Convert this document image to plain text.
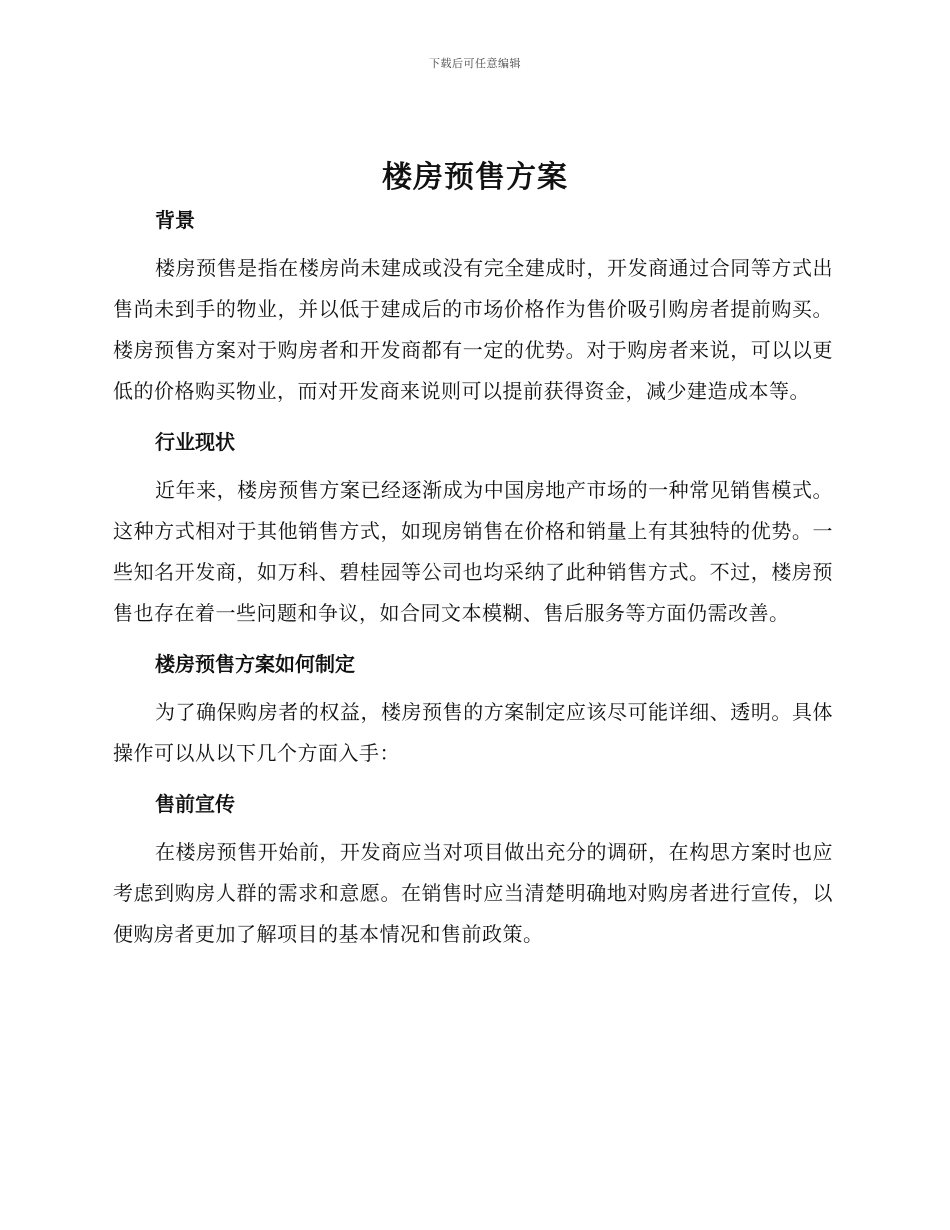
下载后可任意编辑
楼房预售方案
背景

楼房预售是指在楼房尚未建成或没有完全建成时，开发商通过合同等方式出售尚未到手的物业，并以低于建成后的市场价格作为售价吸引购房者提前购买。楼房预售方案对于购房者和开发商都有一定的优势。对于购房者来说，可以以更低的价格购买物业，而对开发商来说则可以提前获得资金，减少建造成本等。

行业现状

近年来，楼房预售方案已经逐渐成为中国房地产市场的一种常见销售模式。这种方式相对于其他销售方式，如现房销售在价格和销量上有其独特的优势。一些知名开发商，如万科、碧桂园等公司也均采纳了此种销售方式。不过，楼房预售也存在着一些问题和争议，如合同文本模糊、售后服务等方面仍需改善。

楼房预售方案如何制定

为了确保购房者的权益，楼房预售的方案制定应该尽可能详细、透明。具体操作可以从以下几个方面入手：

售前宣传

在楼房预售开始前，开发商应当对项目做出充分的调研，在构思方案时也应考虑到购房人群的需求和意愿。在销售时应当清楚明确地对购房者进行宣传，以便购房者更加了解项目的基本情况和售前政策。
